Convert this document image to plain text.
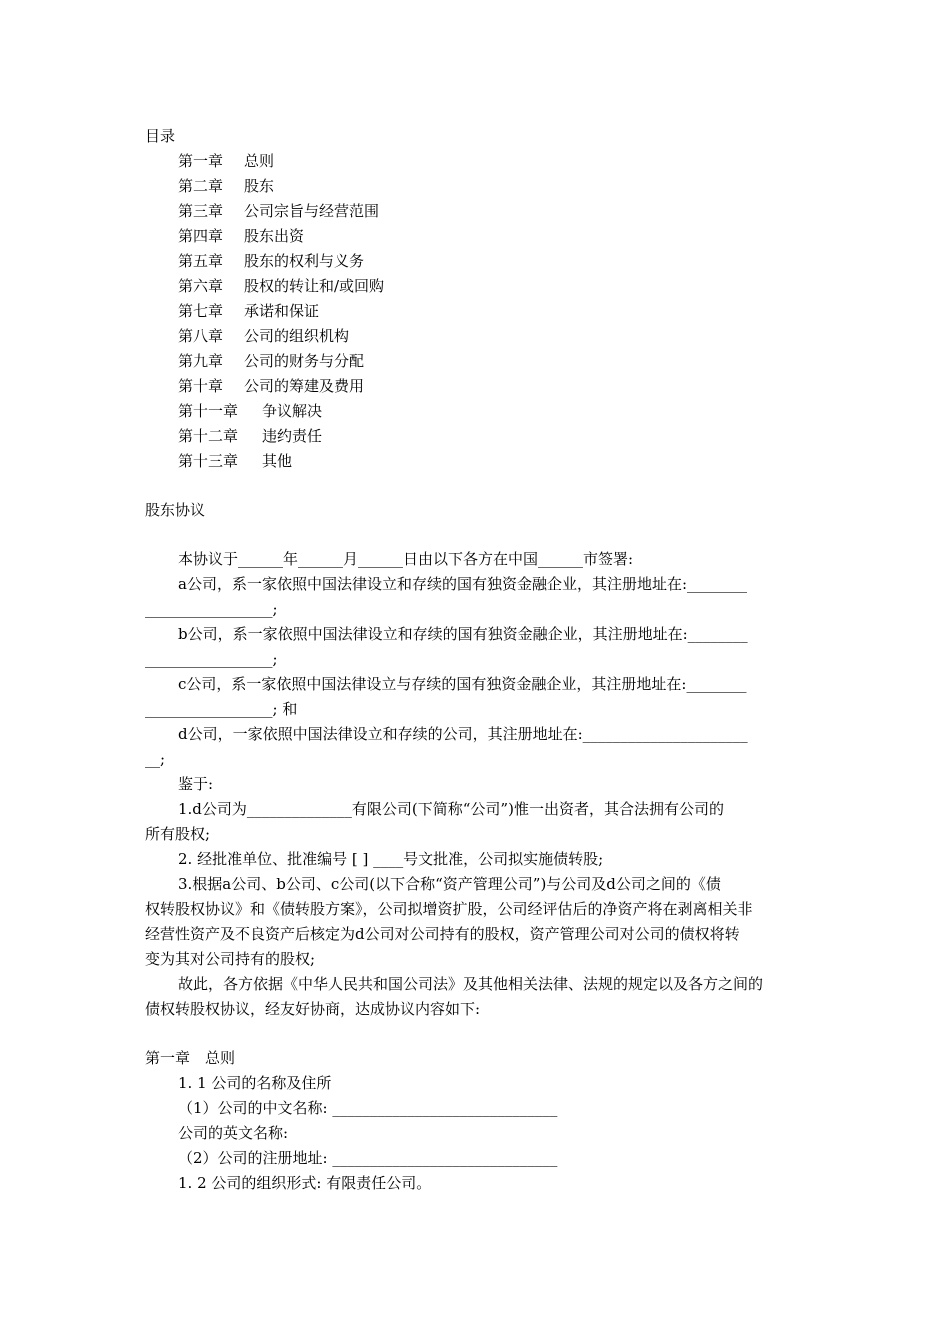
目录
第一章 总则
第二章 股东
第三章 公司宗旨与经营范围
第四章 股东出资
第五章 股东的权利与义务
第六章 股权的转让和/或回购
第七章 承诺和保证
第八章 公司的组织机构
第九章 公司的财务与分配
第十章 公司的筹建及费用
第十一章 争议解决
第十二章 违约责任
第十三章 其他
股东协议
本协议于______年______月______日由以下各方在中国______市签署:
a公司，系一家依照中国法律设立和存续的国有独资金融企业，其注册地址在:________
_________________;
b公司，系一家依照中国法律设立和存续的国有独资金融企业，其注册地址在:________
_________________;
c公司，系一家依照中国法律设立与存续的国有独资金融企业，其注册地址在:________
_________________; 和
d公司，一家依照中国法律设立和存续的公司，其注册地址在:______________________
__;
鉴于:
1.d公司为______________有限公司(下简称“公司”)惟一出资者，其合法拥有公司的
所有股权;
2. 经批准单位、批准编号 [ ] ____号文批准，公司拟实施债转股;
3.根据a公司、b公司、c公司(以下合称“资产管理公司”)与公司及d公司之间的《债
权转股权协议》和《债转股方案》，公司拟增资扩股，公司经评估后的净资产将在剥离相关非
经营性资产及不良资产后核定为d公司对公司持有的股权，资产管理公司对公司的债权将转
变为其对公司持有的股权;
故此，各方依据《中华人民共和国公司法》及其他相关法律、法规的规定以及各方之间的
债权转股权协议，经友好协商，达成协议内容如下:
第一章　总则
1. 1 公司的名称及住所
（1）公司的中文名称: ______________________________
公司的英文名称:
（2）公司的注册地址: ______________________________
1. 2 公司的组织形式: 有限责任公司。
